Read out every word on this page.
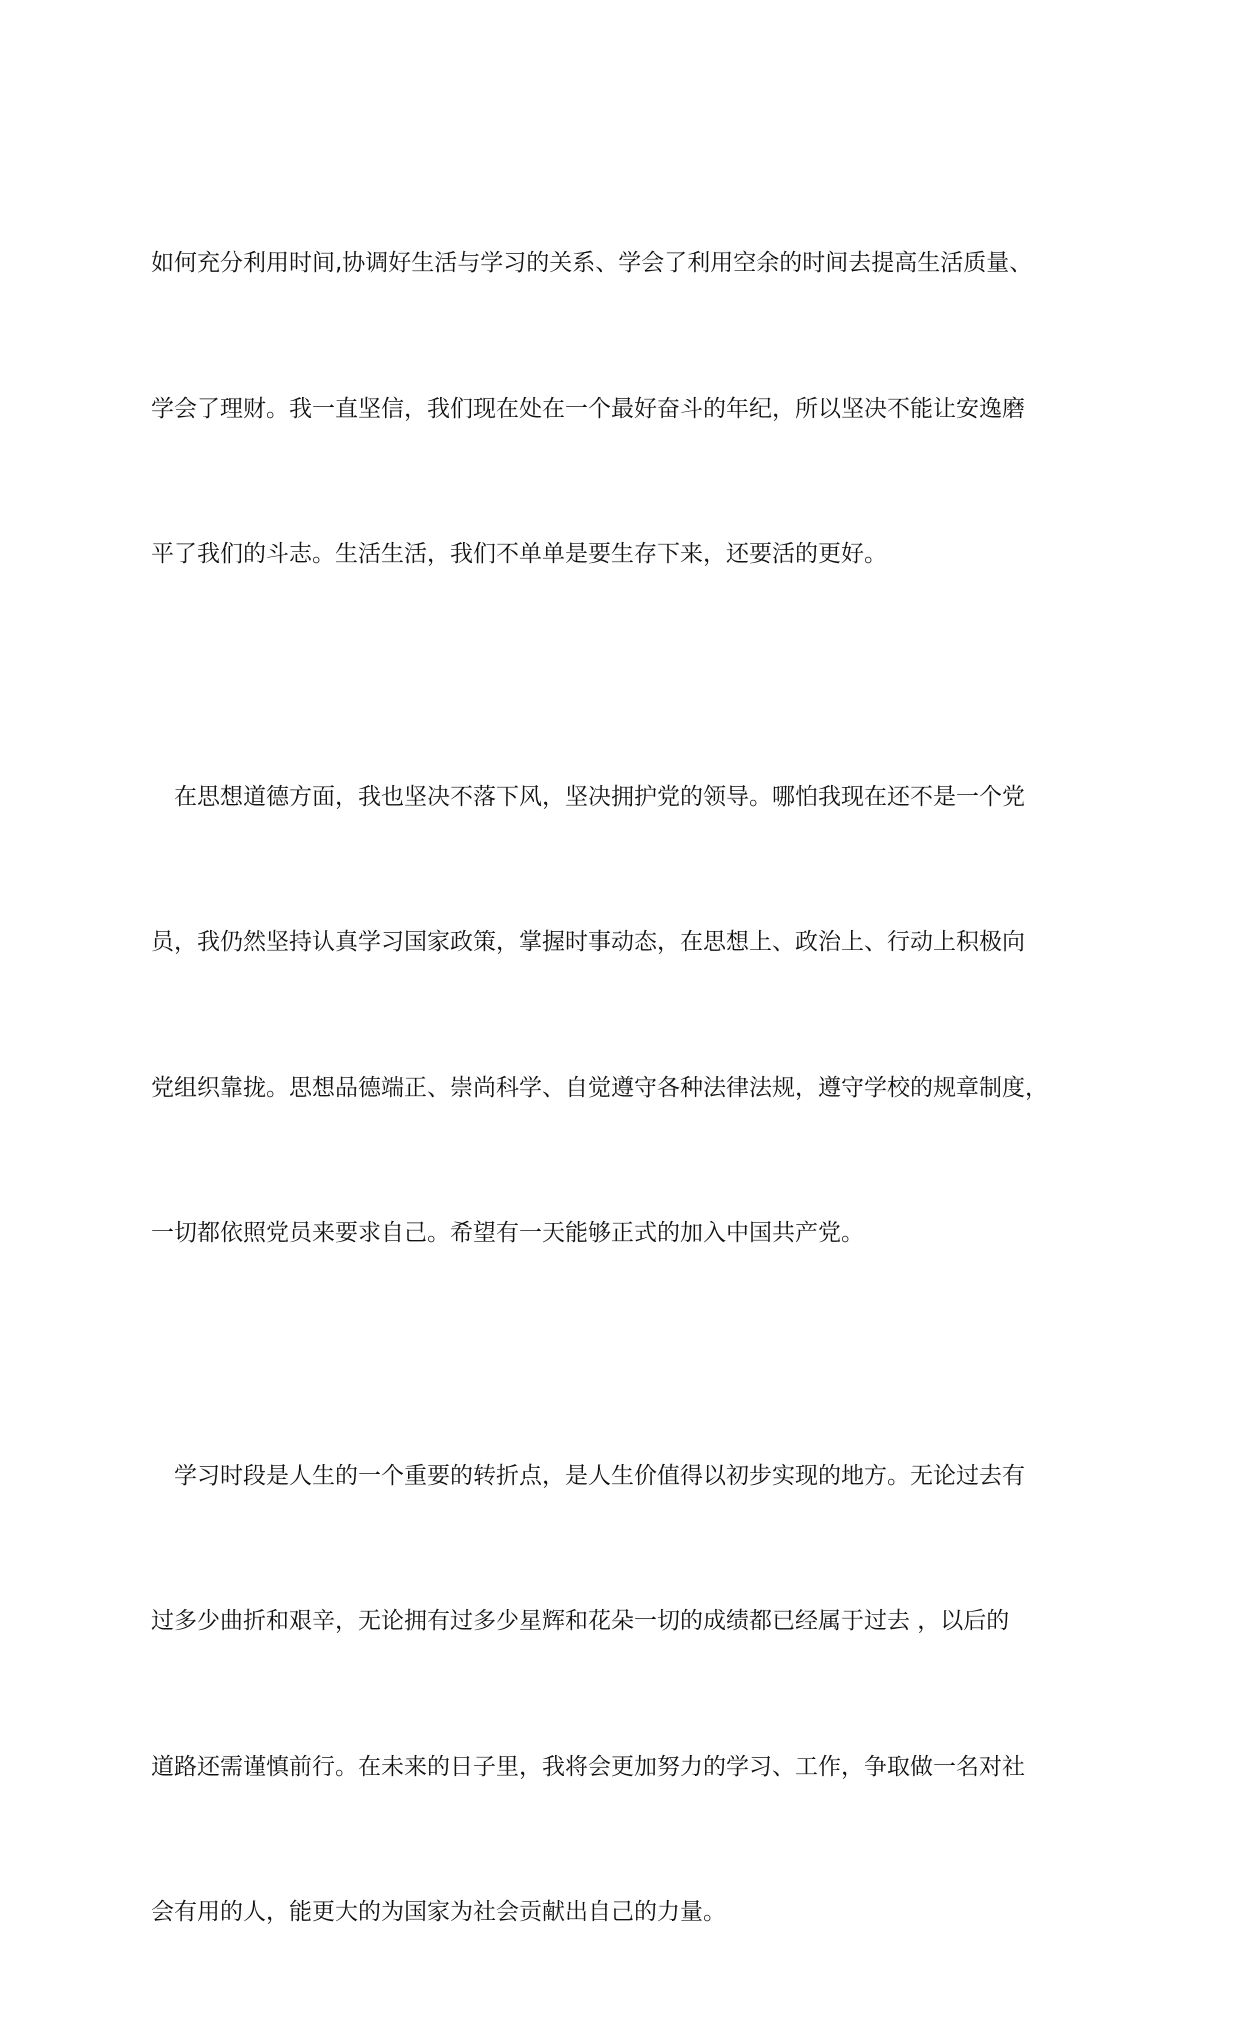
如何充分利用时间,协调好生活与学习的关系、学会了利用空余的时间去提高生活质量、

学会了理财。我一直坚信，我们现在处在一个最好奋斗的年纪，所以坚决不能让安逸磨

平了我们的斗志。生活生活，我们不单单是要生存下来，还要活的更好。

在思想道德方面，我也坚决不落下风，坚决拥护党的领导。哪怕我现在还不是一个党

员，我仍然坚持认真学习国家政策，掌握时事动态，在思想上、政治上、行动上积极向

党组织靠拢。思想品德端正、崇尚科学、自觉遵守各种法律法规，遵守学校的规章制度，

一切都依照党员来要求自己。希望有一天能够正式的加入中国共产党。

学习时段是人生的一个重要的转折点，是人生价值得以初步实现的地方。无论过去有

过多少曲折和艰辛，无论拥有过多少星辉和花朵一切的成绩都已经属于过去 ，以后的

道路还需谨慎前行。在未来的日子里，我将会更加努力的学习、工作，争取做一名对社

会有用的人，能更大的为国家为社会贡献出自己的力量。
